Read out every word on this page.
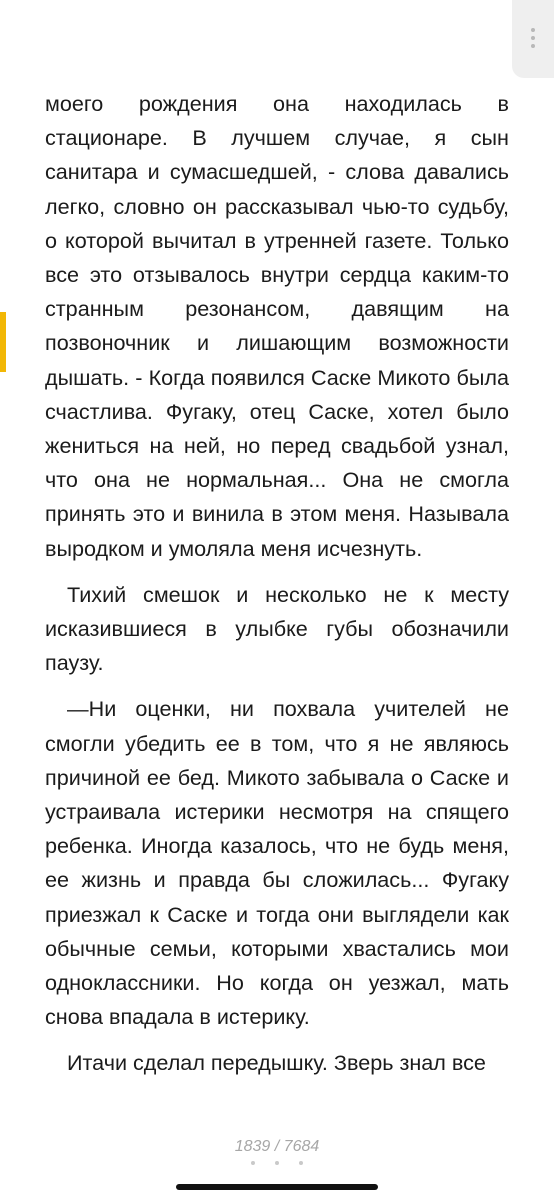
моего рождения она находилась в стационаре. В лучшем случае, я сын санитара и сумасшедшей, - слова давались легко, словно он рассказывал чью-то судьбу, о которой вычитал в утренней газете. Только все это отзывалось внутри сердца каким-то странным резонансом, давящим на позвоночник и лишающим возможности дышать. - Когда появился Саске Микото была счастлива. Фугаку, отец Саске, хотел было жениться на ней, но перед свадьбой узнал, что она не нормальная... Она не смогла принять это и винила в этом меня. Называла выродком и умоляла меня исчезнуть.

Тихий смешок и несколько не к месту исказившиеся в улыбке губы обозначили паузу.

—Ни оценки, ни похвала учителей не смогли убедить ее в том, что я не являюсь причиной ее бед. Микото забывала о Саске и устраивала истерики несмотря на спящего ребенка. Иногда казалось, что не будь меня, ее жизнь и правда бы сложилась... Фугаку приезжал к Саске и тогда они выглядели как обычные семьи, которыми хвастались мои одноклассники. Но когда он уезжал, мать снова впадала в истерику.

Итачи сделал передышку. Зверь знал все

1839 / 7684
